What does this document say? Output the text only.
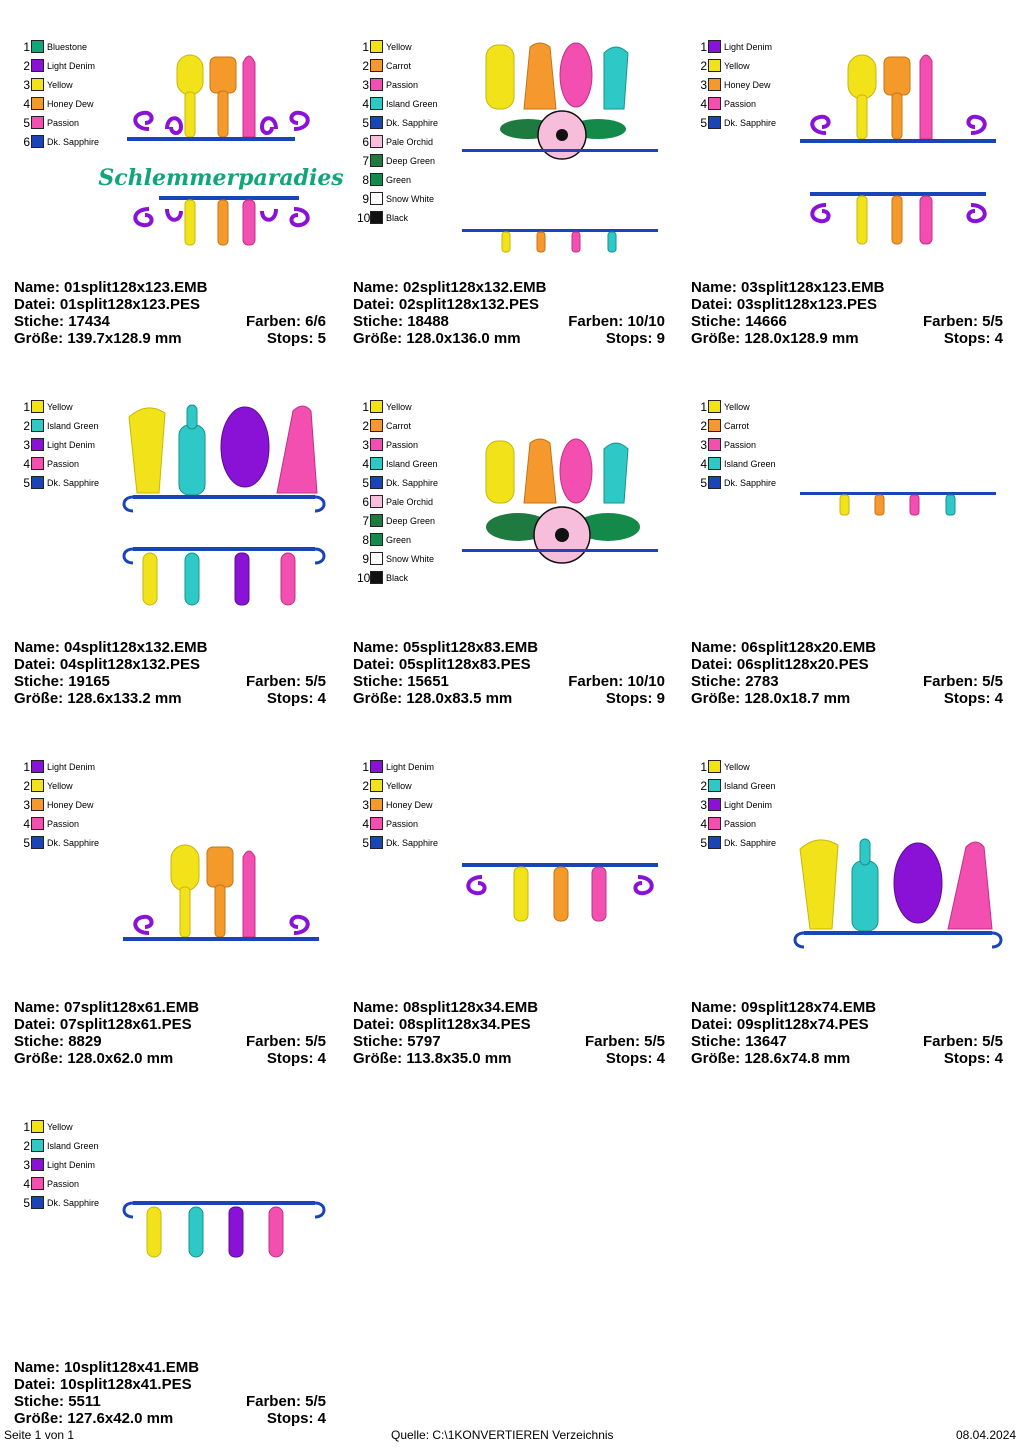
1 Bluestone
2 Light Denim
3 Yellow
4 Honey Dew
5 Passion
6 Dk. Sapphire
Schlemmerparadies
Name: 01split128x123.EMB
Datei: 01split128x123.PES
Stiche: 17434	Farben: 6/6
Größe: 139.7x128.9 mm	Stops: 5
1 Yellow
2 Carrot
3 Passion
4 Island Green
5 Dk. Sapphire
6 Pale Orchid
7 Deep Green
8 Green
9 Snow White
10 Black
Name: 02split128x132.EMB
Datei: 02split128x132.PES
Stiche: 18488	Farben: 10/10
Größe: 128.0x136.0 mm	Stops: 9
1 Light Denim
2 Yellow
3 Honey Dew
4 Passion
5 Dk. Sapphire
Name: 03split128x123.EMB
Datei: 03split128x123.PES
Stiche: 14666	Farben: 5/5
Größe: 128.0x128.9 mm	Stops: 4
1 Yellow
2 Island Green
3 Light Denim
4 Passion
5 Dk. Sapphire
Name: 04split128x132.EMB
Datei: 04split128x132.PES
Stiche: 19165	Farben: 5/5
Größe: 128.6x133.2 mm	Stops: 4
1 Yellow
2 Carrot
3 Passion
4 Island Green
5 Dk. Sapphire
6 Pale Orchid
7 Deep Green
8 Green
9 Snow White
10 Black
Name: 05split128x83.EMB
Datei: 05split128x83.PES
Stiche: 15651	Farben: 10/10
Größe: 128.0x83.5 mm	Stops: 9
1 Yellow
2 Carrot
3 Passion
4 Island Green
5 Dk. Sapphire
Name: 06split128x20.EMB
Datei: 06split128x20.PES
Stiche: 2783	Farben: 5/5
Größe: 128.0x18.7 mm	Stops: 4
1 Light Denim
2 Yellow
3 Honey Dew
4 Passion
5 Dk. Sapphire
Name: 07split128x61.EMB
Datei: 07split128x61.PES
Stiche: 8829	Farben: 5/5
Größe: 128.0x62.0 mm	Stops: 4
1 Light Denim
2 Yellow
3 Honey Dew
4 Passion
5 Dk. Sapphire
Name: 08split128x34.EMB
Datei: 08split128x34.PES
Stiche: 5797	Farben: 5/5
Größe: 113.8x35.0 mm	Stops: 4
1 Yellow
2 Island Green
3 Light Denim
4 Passion
5 Dk. Sapphire
Name: 09split128x74.EMB
Datei: 09split128x74.PES
Stiche: 13647	Farben: 5/5
Größe: 128.6x74.8 mm	Stops: 4
1 Yellow
2 Island Green
3 Light Denim
4 Passion
5 Dk. Sapphire
Name: 10split128x41.EMB
Datei: 10split128x41.PES
Stiche: 5511	Farben: 5/5
Größe: 127.6x42.0 mm	Stops: 4
Seite 1 von 1	Quelle: C:\1KONVERTIEREN Verzeichnis	08.04.2024
